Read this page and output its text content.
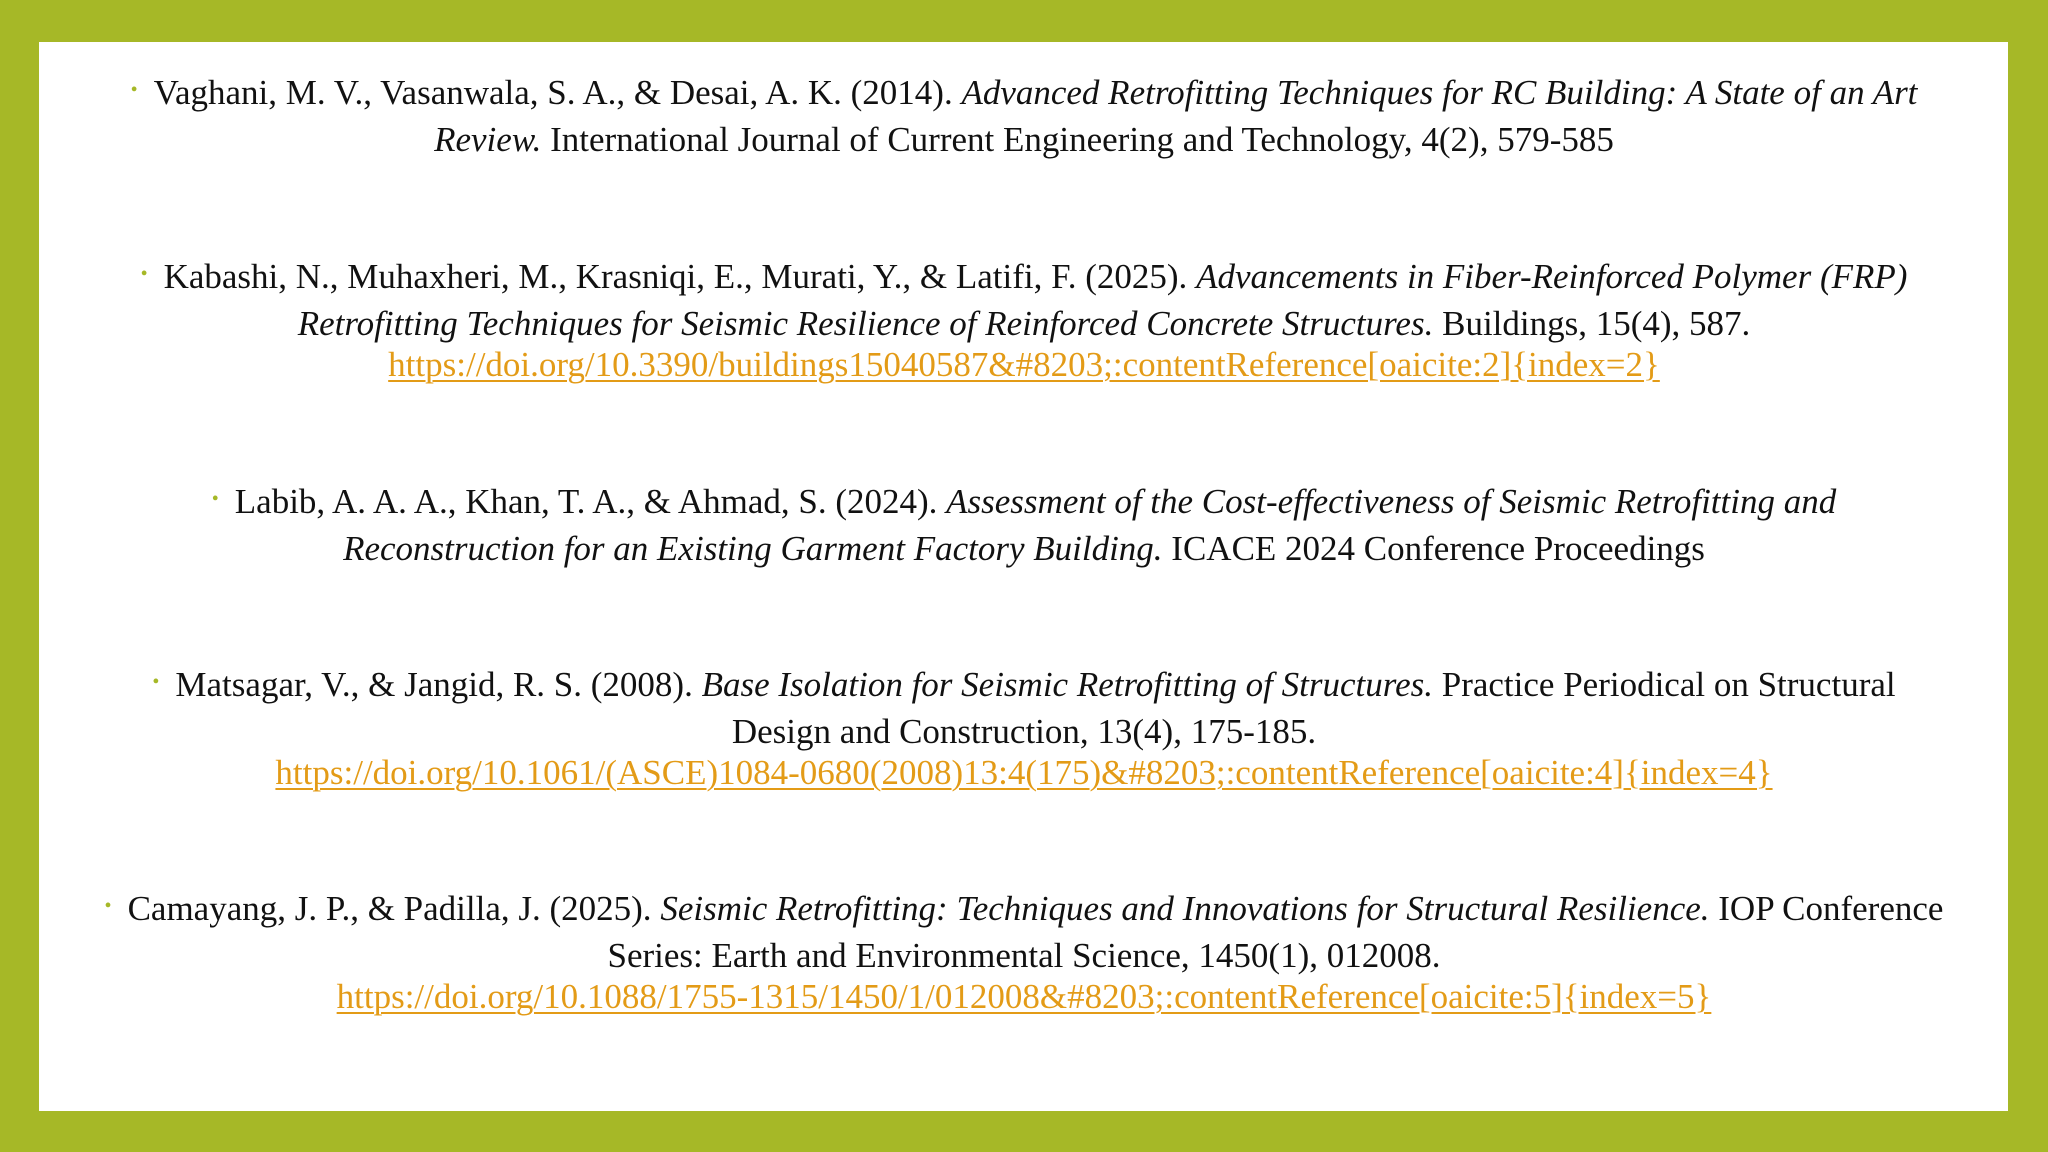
• Vaghani, M. V., Vasanwala, S. A., & Desai, A. K. (2014). Advanced Retrofitting Techniques for RC Building: A State of an Art Review. International Journal of Current Engineering and Technology, 4(2), 579-585

• Kabashi, N., Muhaxheri, M., Krasniqi, E., Murati, Y., & Latifi, F. (2025). Advancements in Fiber-Reinforced Polymer (FRP) Retrofitting Techniques for Seismic Resilience of Reinforced Concrete Structures. Buildings, 15(4), 587. https://doi.org/10.3390/buildings15040587&#8203;:contentReference[oaicite:2]{index=2}

• Labib, A. A. A., Khan, T. A., & Ahmad, S. (2024). Assessment of the Cost-effectiveness of Seismic Retrofitting and Reconstruction for an Existing Garment Factory Building. ICACE 2024 Conference Proceedings

• Matsagar, V., & Jangid, R. S. (2008). Base Isolation for Seismic Retrofitting of Structures. Practice Periodical on Structural Design and Construction, 13(4), 175-185.
https://doi.org/10.1061/(ASCE)1084-0680(2008)13:4(175)&#8203;:contentReference[oaicite:4]{index=4}

• Camayang, J. P., & Padilla, J. (2025). Seismic Retrofitting: Techniques and Innovations for Structural Resilience. IOP Conference Series: Earth and Environmental Science, 1450(1), 012008.
https://doi.org/10.1088/1755-1315/1450/1/012008&#8203;:contentReference[oaicite:5]{index=5}
